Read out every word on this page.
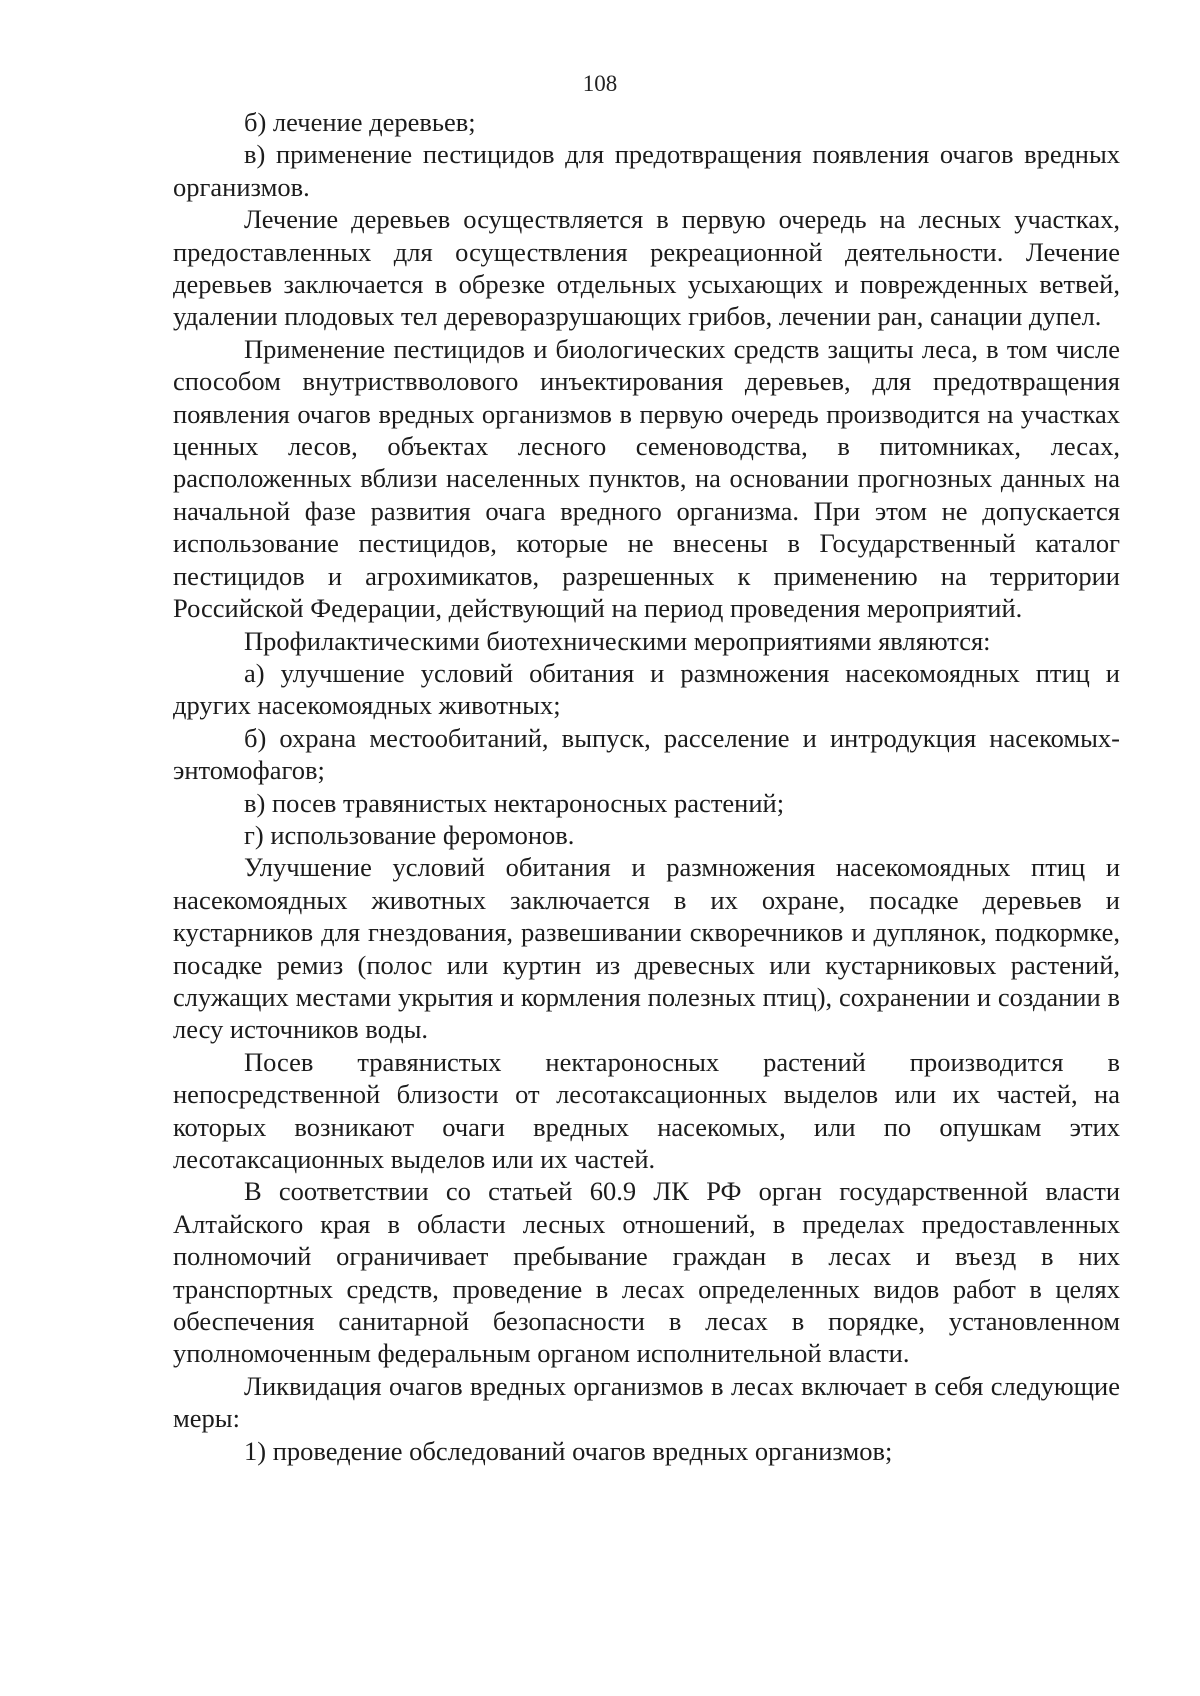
108

б) лечение деревьев;

в) применение пестицидов для предотвращения появления очагов вредных организмов.

Лечение деревьев осуществляется в первую очередь на лесных участках, предоставленных для осуществления рекреационной деятельности. Лечение деревьев заключается в обрезке отдельных усыхающих и поврежденных ветвей, удалении плодовых тел дереворазрушающих грибов, лечении ран, санации дупел.

Применение пестицидов и биологических средств защиты леса, в том числе способом внутриствволового инъектирования деревьев, для предотвращения появления очагов вредных организмов в первую очередь производится на участках ценных лесов, объектах лесного семеноводства, в питомниках, лесах, расположенных вблизи населенных пунктов, на основании прогнозных данных на начальной фазе развития очага вредного организма. При этом не допускается использование пестицидов, которые не внесены в Государственный каталог пестицидов и агрохимикатов, разрешенных к применению на территории Российской Федерации, действующий на период проведения мероприятий.

Профилактическими биотехническими мероприятиями являются:

а) улучшение условий обитания и размножения насекомоядных птиц и других насекомоядных животных;

б) охрана местообитаний, выпуск, расселение и интродукция насекомых-энтомофагов;

в) посев травянистых нектароносных растений;

г) использование феромонов.

Улучшение условий обитания и размножения насекомоядных птиц и насекомоядных животных заключается в их охране, посадке деревьев и кустарников для гнездования, развешивании скворечников и дуплянок, подкормке, посадке ремиз (полос или куртин из древесных или кустарниковых растений, служащих местами укрытия и кормления полезных птиц), сохранении и создании в лесу источников воды.

Посев травянистых нектароносных растений производится в непосредственной близости от лесотаксационных выделов или их частей, на которых возникают очаги вредных насекомых, или по опушкам этих лесотаксационных выделов или их частей.

В соответствии со статьей 60.9 ЛК РФ орган государственной власти Алтайского края в области лесных отношений, в пределах предоставленных полномочий ограничивает пребывание граждан в лесах и въезд в них транспортных средств, проведение в лесах определенных видов работ в целях обеспечения санитарной безопасности в лесах в порядке, установленном уполномоченным федеральным органом исполнительной власти.

Ликвидация очагов вредных организмов в лесах включает в себя следующие меры:

1) проведение обследований очагов вредных организмов;
